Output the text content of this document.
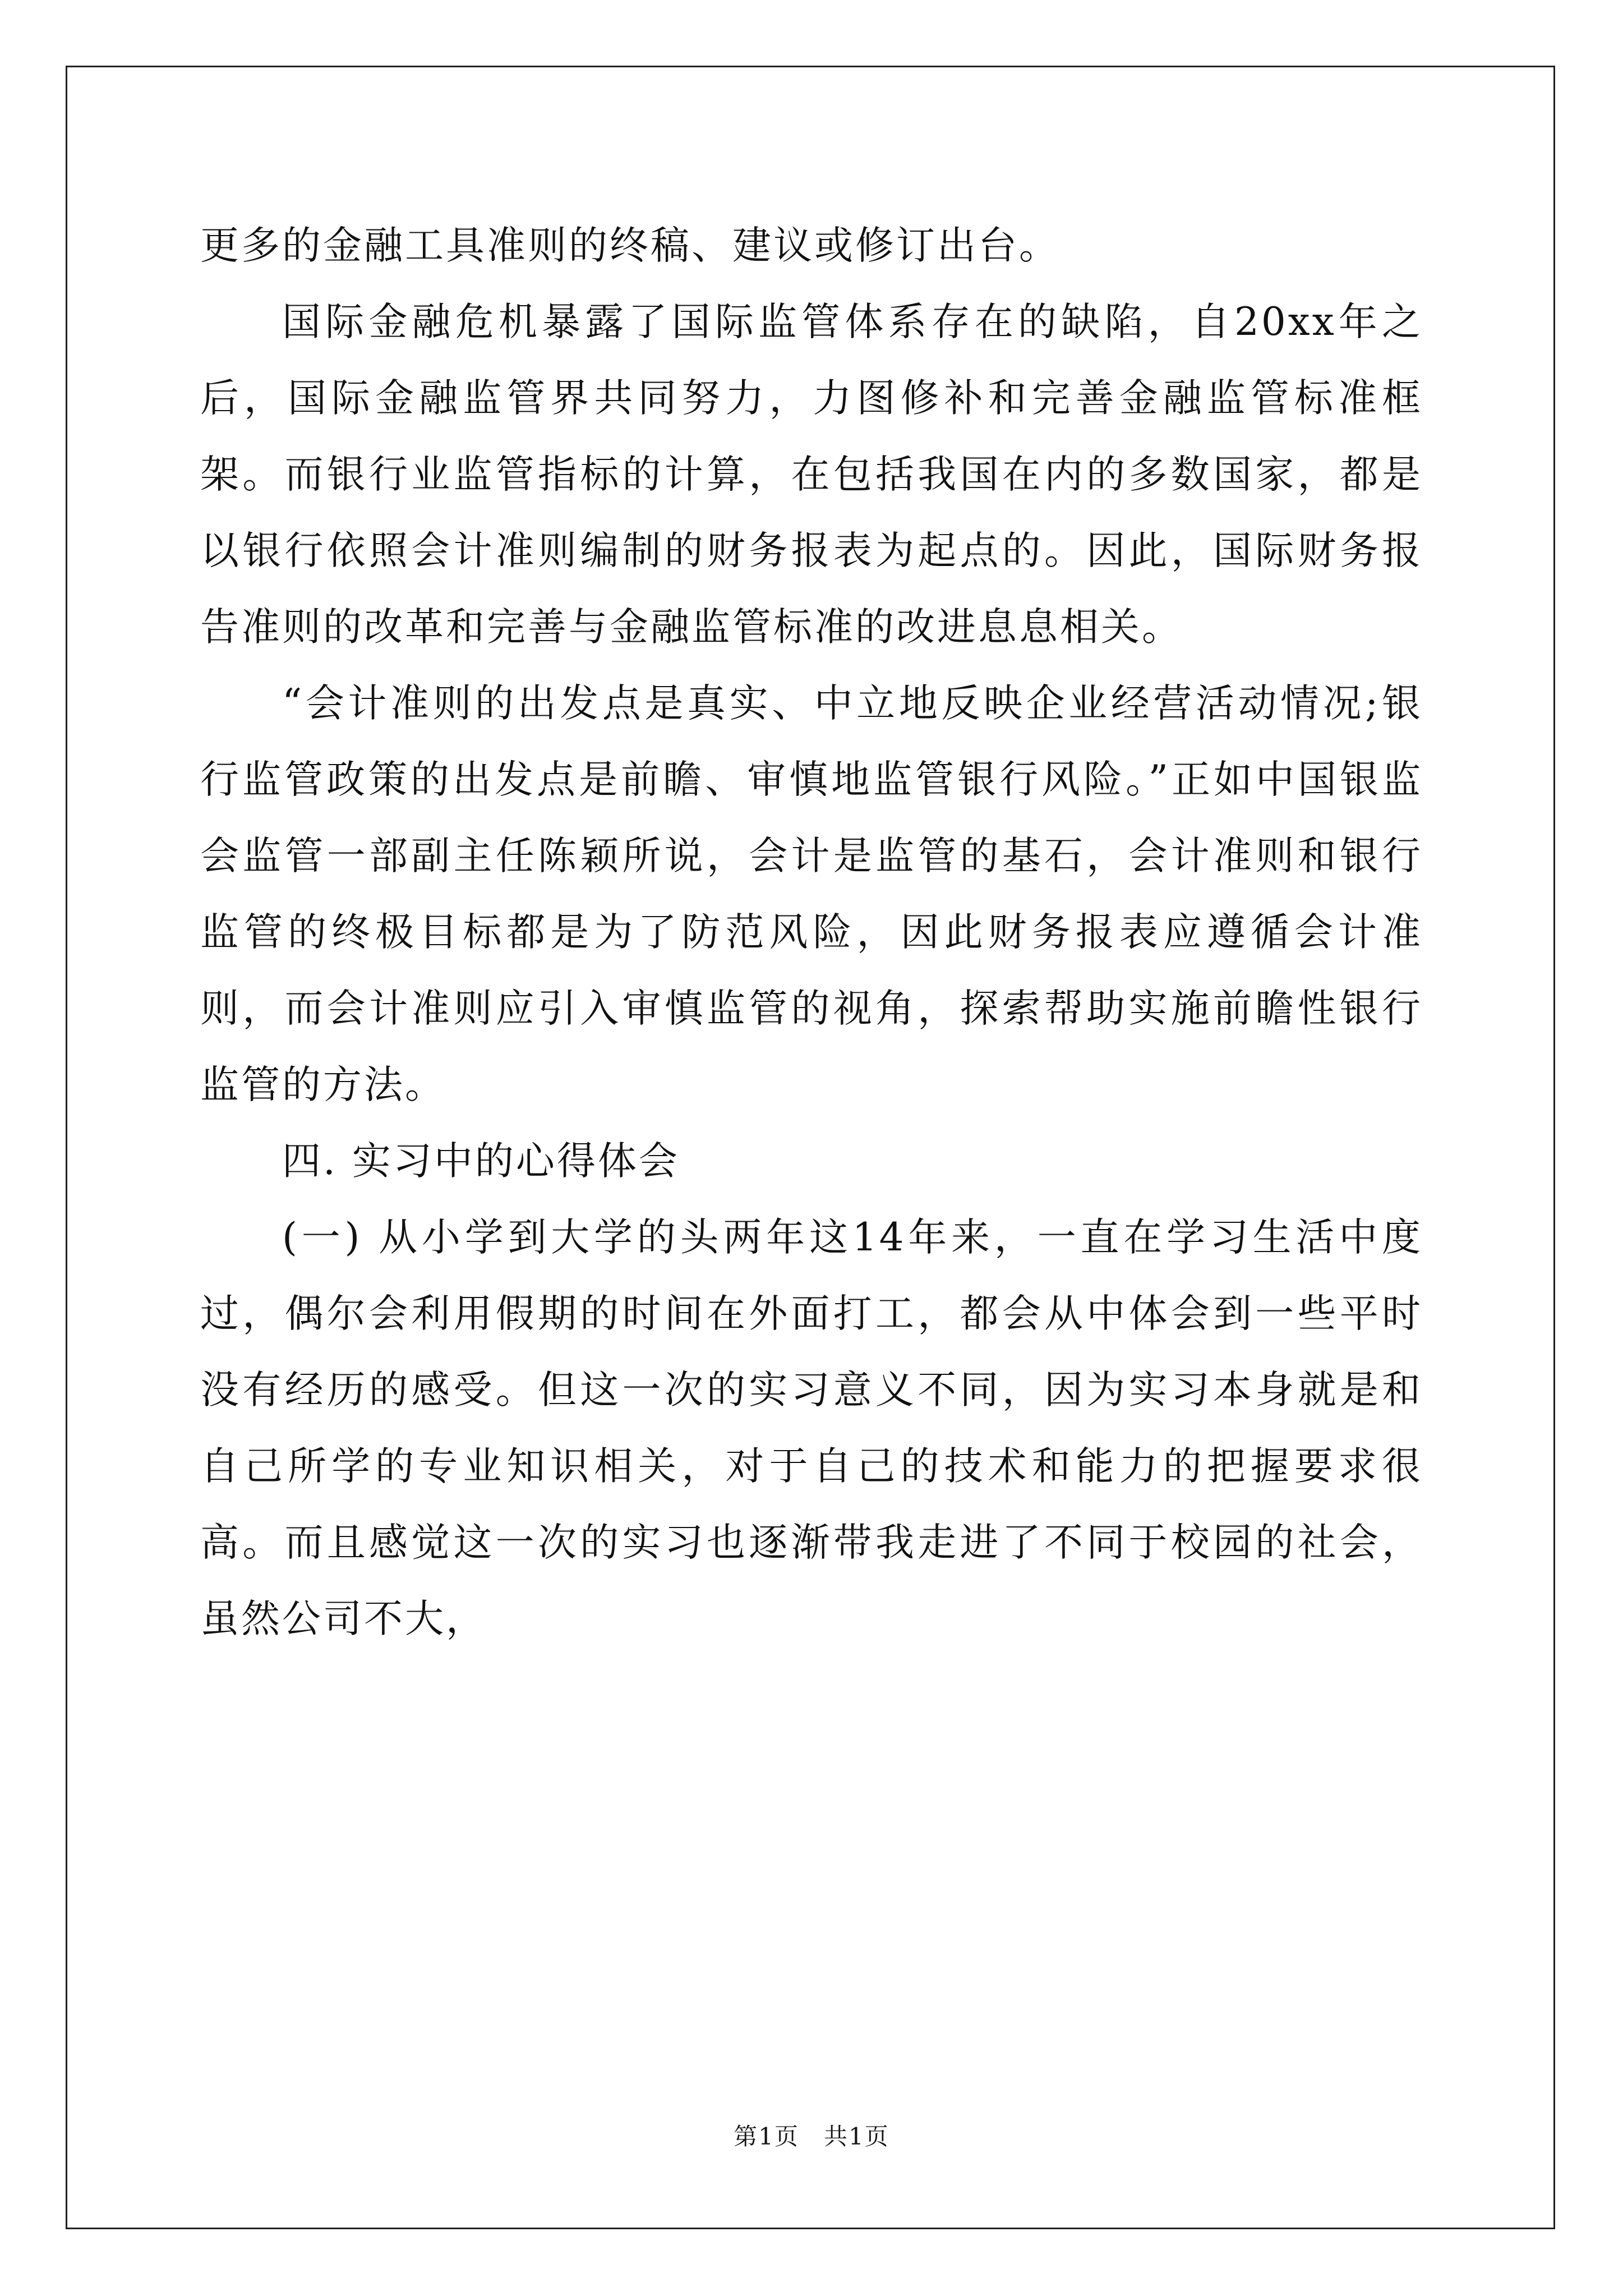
更多的金融工具准则的终稿、建议或修订出台。

国际金融危机暴露了国际监管体系存在的缺陷，自20xx年之后，国际金融监管界共同努力，力图修补和完善金融监管标准框架。而银行业监管指标的计算，在包括我国在内的多数国家，都是以银行依照会计准则编制的财务报表为起点的。因此，国际财务报告准则的改革和完善与金融监管标准的改进息息相关。

“会计准则的出发点是真实、中立地反映企业经营活动情况;银行监管政策的出发点是前瞻、审慎地监管银行风险。”正如中国银监会监管一部副主任陈颖所说，会计是监管的基石，会计准则和银行监管的终极目标都是为了防范风险，因此财务报表应遵循会计准则，而会计准则应引入审慎监管的视角，探索帮助实施前瞻性银行监管的方法。

四. 实习中的心得体会

(一) 从小学到大学的头两年这14年来，一直在学习生活中度过，偶尔会利用假期的时间在外面打工，都会从中体会到一些平时没有经历的感受。但这一次的实习意义不同，因为实习本身就是和自己所学的专业知识相关，对于自己的技术和能力的把握要求很高。而且感觉这一次的实习也逐渐带我走进了不同于校园的社会，虽然公司不大，

第1页　共1页
